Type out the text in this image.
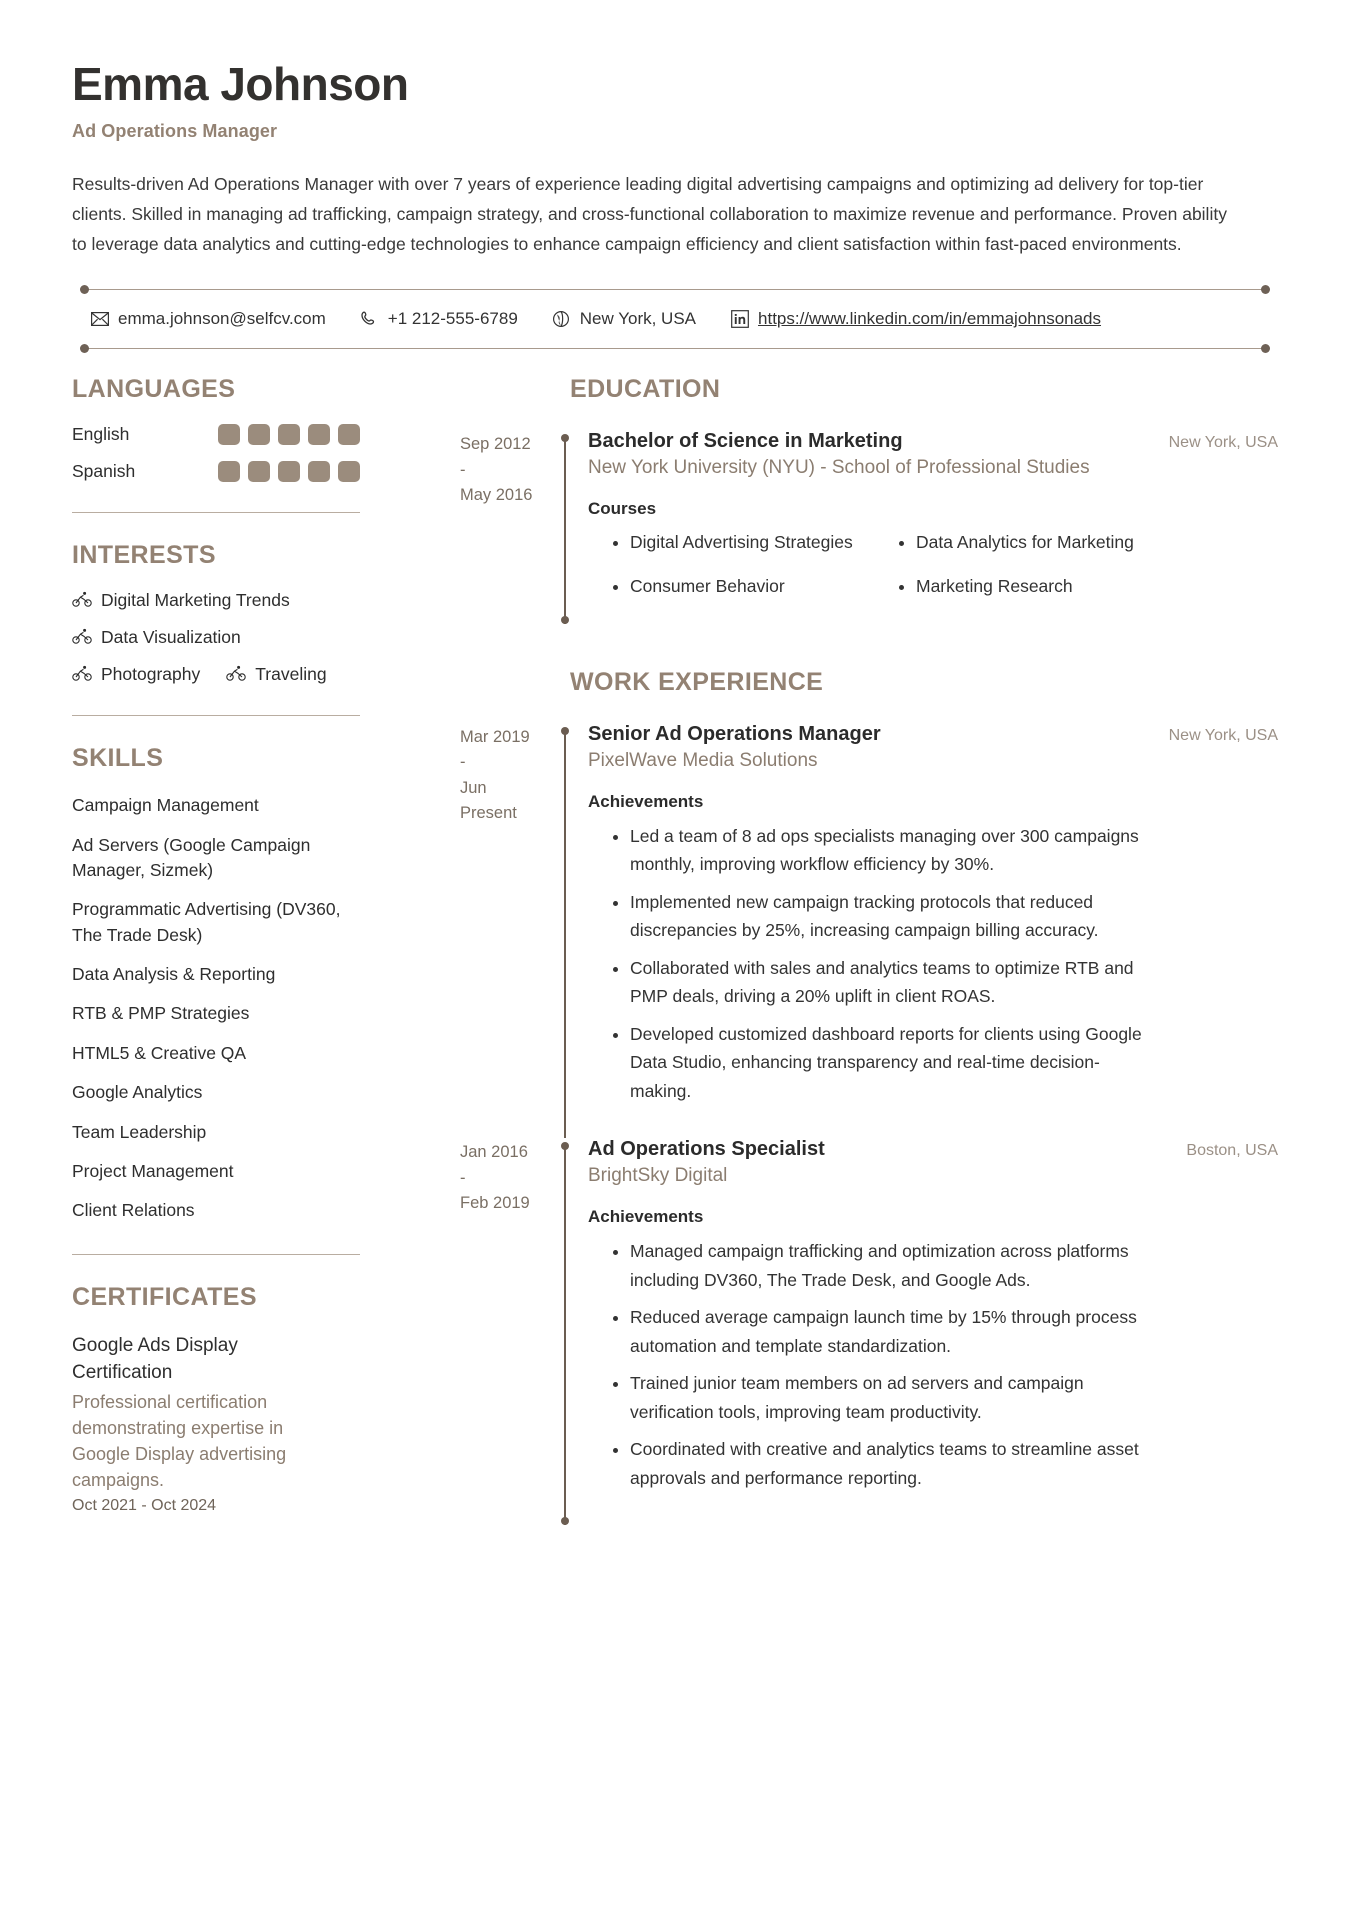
Emma Johnson
Ad Operations Manager
Results-driven Ad Operations Manager with over 7 years of experience leading digital advertising campaigns and optimizing ad delivery for top-tier clients. Skilled in managing ad trafficking, campaign strategy, and cross-functional collaboration to maximize revenue and performance. Proven ability to leverage data analytics and cutting-edge technologies to enhance campaign efficiency and client satisfaction within fast-paced environments.
emma.johnson@selfcv.com	+1 212-555-6789	New York, USA	https://www.linkedin.com/in/emmajohnsonads
LANGUAGES
English
Spanish
INTERESTS
Digital Marketing Trends
Data Visualization
Photography	Traveling
SKILLS
Campaign Management
Ad Servers (Google Campaign Manager, Sizmek)
Programmatic Advertising (DV360, The Trade Desk)
Data Analysis & Reporting
RTB & PMP Strategies
HTML5 & Creative QA
Google Analytics
Team Leadership
Project Management
Client Relations
CERTIFICATES
Google Ads Display Certification
Professional certification demonstrating expertise in Google Display advertising campaigns.
Oct 2021 - Oct 2024
EDUCATION
Sep 2012
-
May 2016
Bachelor of Science in Marketing	New York, USA
New York University (NYU) - School of Professional Studies
Courses
• Digital Advertising Strategies	• Data Analytics for Marketing
• Consumer Behavior	• Marketing Research
WORK EXPERIENCE
Mar 2019
-
Jun
Present
Senior Ad Operations Manager	New York, USA
PixelWave Media Solutions
Achievements
• Led a team of 8 ad ops specialists managing over 300 campaigns monthly, improving workflow efficiency by 30%.
• Implemented new campaign tracking protocols that reduced discrepancies by 25%, increasing campaign billing accuracy.
• Collaborated with sales and analytics teams to optimize RTB and PMP deals, driving a 20% uplift in client ROAS.
• Developed customized dashboard reports for clients using Google Data Studio, enhancing transparency and real-time decision-making.
Jan 2016
-
Feb 2019
Ad Operations Specialist	Boston, USA
BrightSky Digital
Achievements
• Managed campaign trafficking and optimization across platforms including DV360, The Trade Desk, and Google Ads.
• Reduced average campaign launch time by 15% through process automation and template standardization.
• Trained junior team members on ad servers and campaign verification tools, improving team productivity.
• Coordinated with creative and analytics teams to streamline asset approvals and performance reporting.
